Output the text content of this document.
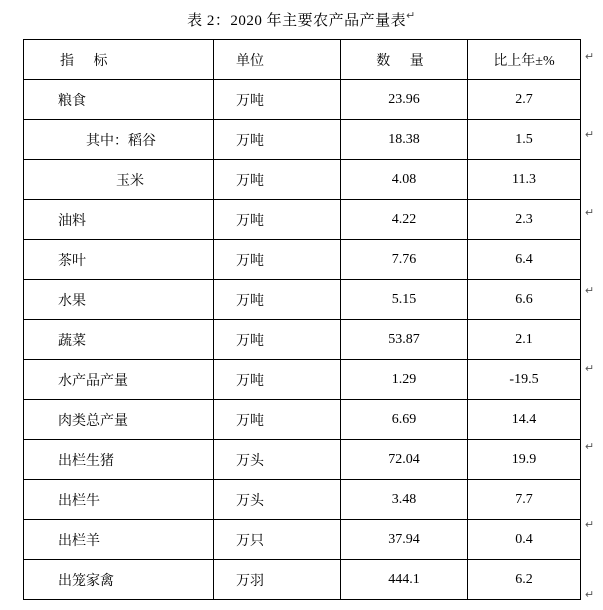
表 2：2020 年主要农产品产量表↵
指 标	单位	数 量	比上年±%
粮食	万吨	23.96	2.7
其中：稻谷	万吨	18.38	1.5
玉米	万吨	4.08	11.3
油料	万吨	4.22	2.3
茶叶	万吨	7.76	6.4
水果	万吨	5.15	6.6
蔬菜	万吨	53.87	2.1
水产品产量	万吨	1.29	-19.5
肉类总产量	万吨	6.69	14.4
出栏生猪	万头	72.04	19.9
出栏牛	万头	3.48	7.7
出栏羊	万只	37.94	0.4
出笼家禽	万羽	444.1	6.2
↵
↵
↵
↵
↵
↵
↵
↵
